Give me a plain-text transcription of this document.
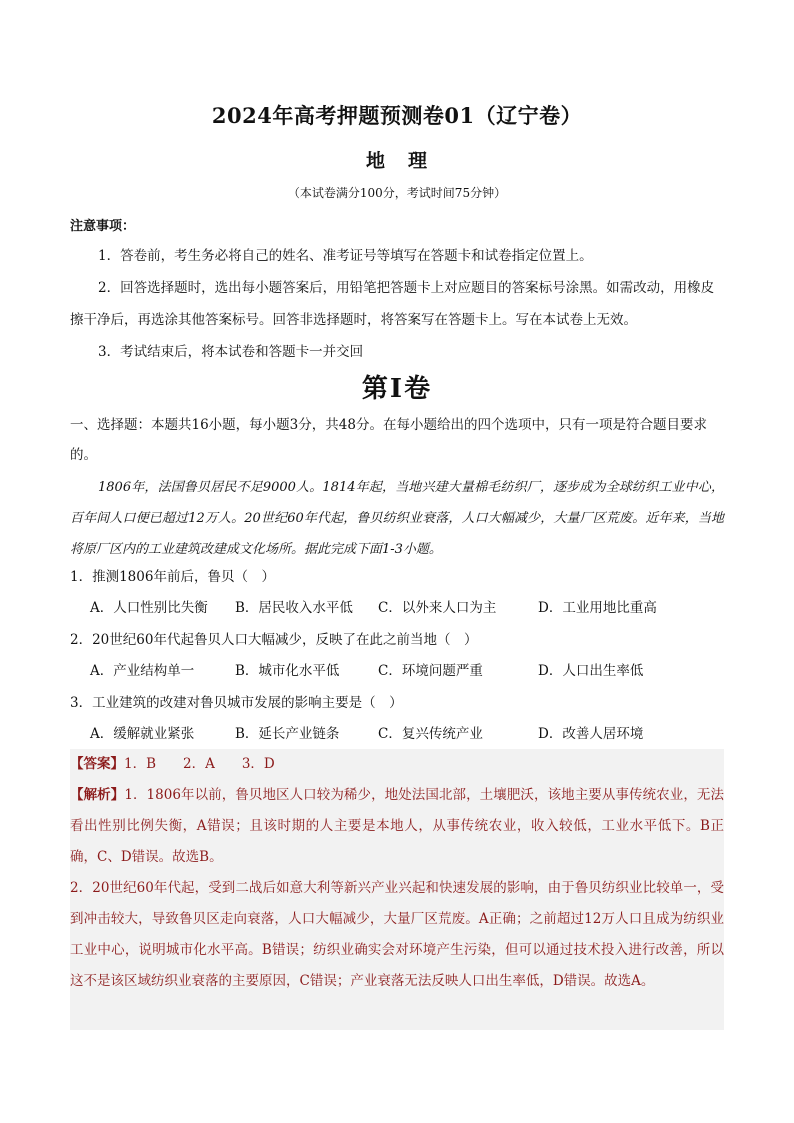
2024年高考押题预测卷01（辽宁卷）
地 理
（本试卷满分100分，考试时间75分钟）
注意事项：

1．答卷前，考生务必将自己的姓名、准考证号等填写在答题卡和试卷指定位置上。

2．回答选择题时，选出每小题答案后，用铅笔把答题卡上对应题目的答案标号涂黑。如需改动，用橡皮擦干净后，再选涂其他答案标号。回答非选择题时，将答案写在答题卡上。写在本试卷上无效。

3．考试结束后，将本试卷和答题卡一并交回

第I卷
一、选择题：本题共16小题，每小题3分，共48分。在每小题给出的四个选项中，只有一项是符合题目要求的。
1806年，法国鲁贝居民不足9000人。1814年起，当地兴建大量棉毛纺织厂，逐步成为全球纺织工业中心，百年间人口便已超过12万人。20世纪60年代起，鲁贝纺织业衰落，人口大幅减少，大量厂区荒废。近年来，当地将原厂区内的工业建筑改建成文化场所。据此完成下面1-3小题。
1．推测1806年前后，鲁贝（　）
A．人口性别比失衡	B．居民收入水平低	C．以外来人口为主	D．工业用地比重高
2．20世纪60年代起鲁贝人口大幅减少，反映了在此之前当地（　）
A．产业结构单一	B．城市化水平低	C．环境问题严重	D．人口出生率低
3．工业建筑的改建对鲁贝城市发展的影响主要是（　）
A．缓解就业紧张	B．延长产业链条	C．复兴传统产业	D．改善人居环境
【答案】1．B　　2．A　　3．D
【解析】1．1806年以前，鲁贝地区人口较为稀少，地处法国北部，土壤肥沃，该地主要从事传统农业，无法看出性别比例失衡，A错误；且该时期的人主要是本地人，从事传统农业，收入较低，工业水平低下。B正确，C、D错误。故选B。
2．20世纪60年代起，受到二战后如意大利等新兴产业兴起和快速发展的影响，由于鲁贝纺织业比较单一，受到冲击较大，导致鲁贝区走向衰落，人口大幅减少，大量厂区荒废。A正确；之前超过12万人口且成为纺织业工业中心，说明城市化水平高。B错误；纺织业确实会对环境产生污染，但可以通过技术投入进行改善，所以这不是该区域纺织业衰落的主要原因，C错误；产业衰落无法反映人口出生率低，D错误。故选A。
